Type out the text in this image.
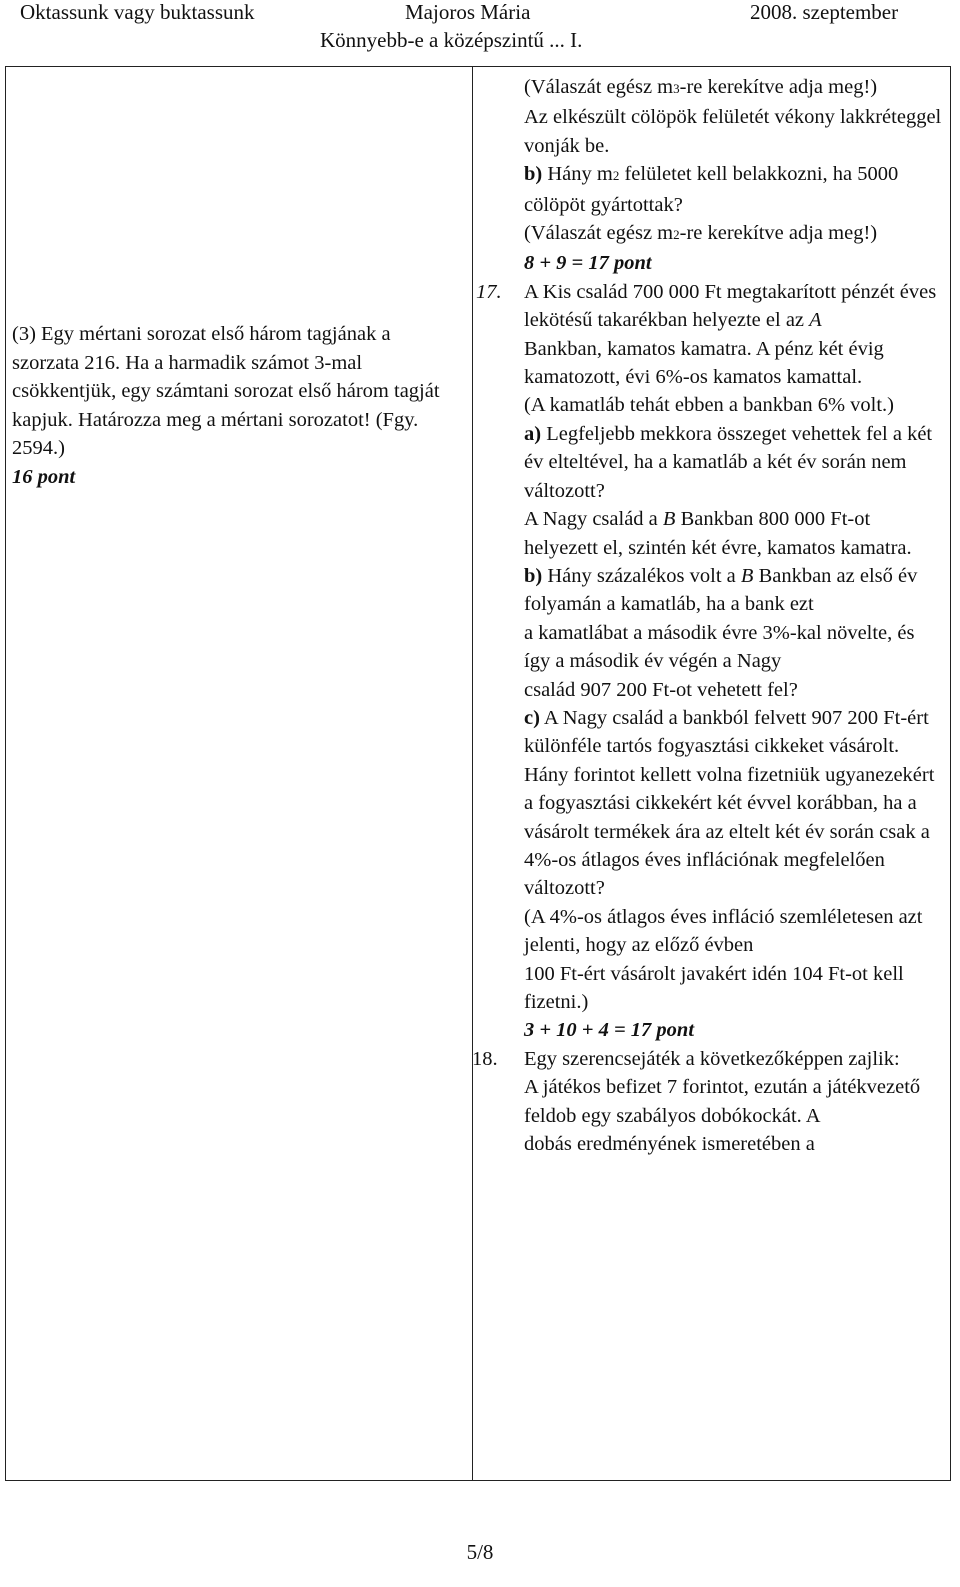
Oktassunk vagy buktassunk	Majoros Mária	2008. szeptember
Könnyebb-e a középszintű ... I.

(3) Egy mértani sorozat első három tagjának a szorzata 216. Ha a harmadik számot 3-mal csökkentjük, egy számtani sorozat első három tagját kapjuk. Határozza meg a mértani sorozatot! (Fgy. 2594.)

16 pont

(Válaszát egész m3-re kerekítve adja meg!)

Az elkészült cölöpök felületét vékony lakkréteggel vonják be.

b) Hány m2 felületet kell belakkozni, ha 5000 cölöpöt gyártottak?

(Válaszát egész m2-re kerekítve adja meg!)

8 + 9 = 17 pont

17. A Kis család 700 000 Ft megtakarított pénzét éves lekötésű takarékban helyezte el az A

Bankban, kamatos kamatra. A pénz két évig kamatozott, évi 6%-os kamatos kamattal.

(A kamatláb tehát ebben a bankban 6% volt.)

a) Legfeljebb mekkora összeget vehettek fel a két év elteltével, ha a kamatláb a két év során nem változott?

A Nagy család a B Bankban 800 000 Ft-ot helyezett el, szintén két évre, kamatos kamatra.

b) Hány százalékos volt a B Bankban az első év folyamán a kamatláb, ha a bank ezt

a kamatlábat a második évre 3%-kal növelte, és így a második év végén a Nagy

család 907 200 Ft-ot vehetett fel?

c) A Nagy család a bankból felvett 907 200 Ft-ért különféle tartós fogyasztási cikkeket vásárolt. Hány forintot kellett volna fizetniük ugyanezekért a fogyasztási cikkekért két évvel korábban, ha a vásárolt termékek ára az eltelt két év során csak a 4%-os átlagos éves inflációnak megfelelően változott?

(A 4%-os átlagos éves infláció szemléletesen azt jelenti, hogy az előző évben

100 Ft-ért vásárolt javakért idén 104 Ft-ot kell fizetni.)

3 + 10 + 4 = 17 pont

18. Egy szerencsejáték a következőképpen zajlik:

A játékos befizet 7 forintot, ezután a játékvezető feldob egy szabályos dobókockát. A

dobás eredményének ismeretében a

5/8
